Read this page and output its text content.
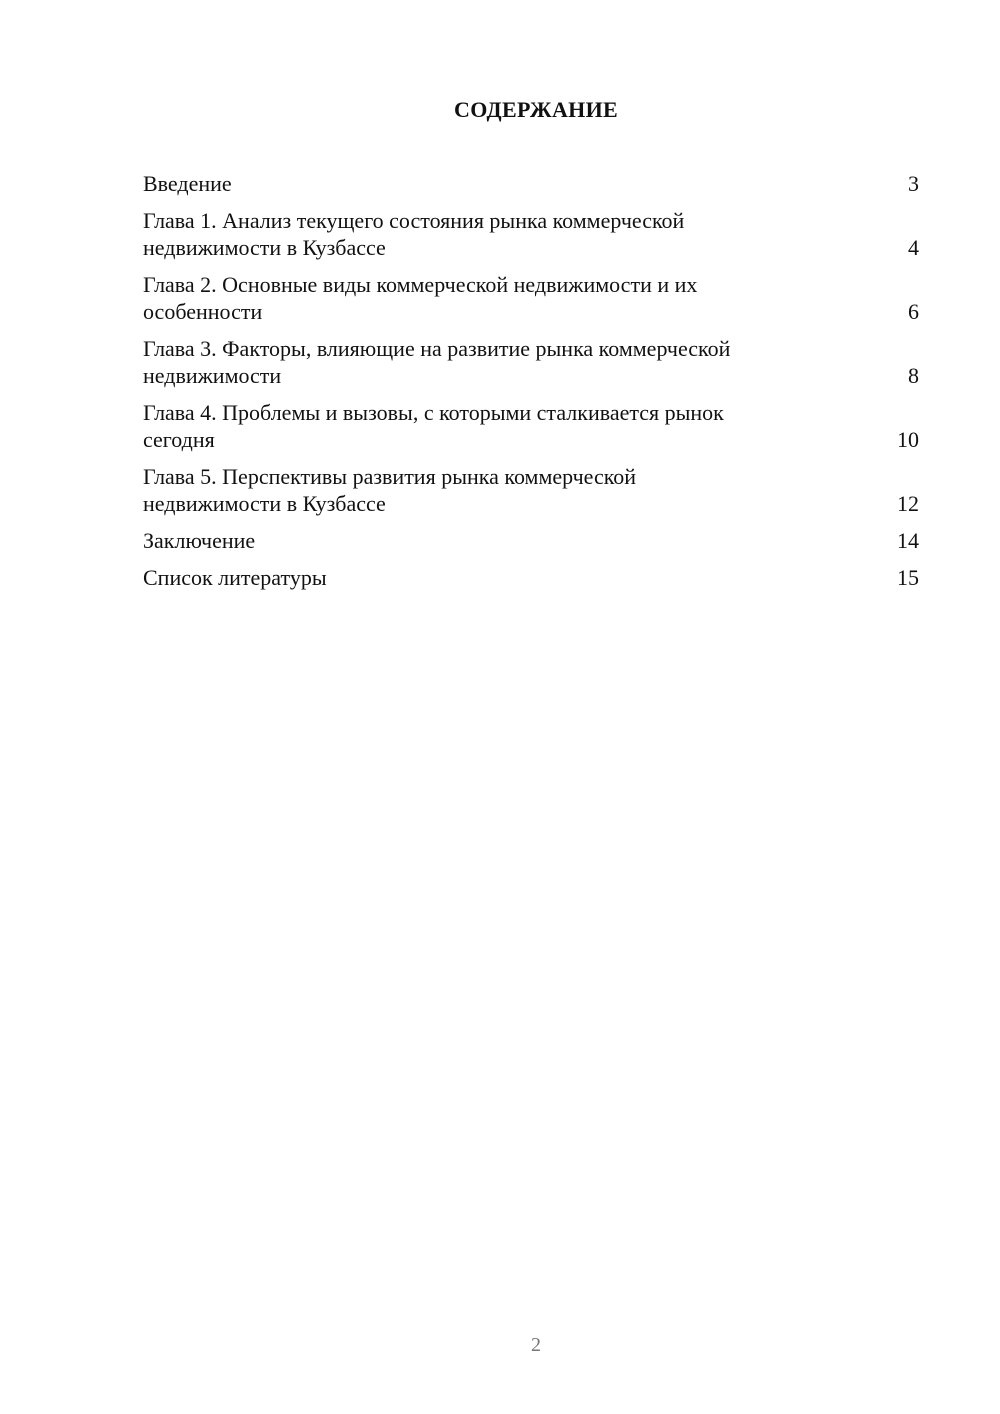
СОДЕРЖАНИЕ
Введение	3
Глава 1. Анализ текущего состояния рынка коммерческой
недвижимости в Кузбассе	4
Глава 2. Основные виды коммерческой недвижимости и их
особенности	6
Глава 3. Факторы, влияющие на развитие рынка коммерческой
недвижимости	8
Глава 4. Проблемы и вызовы, с которыми сталкивается рынок
сегодня	10
Глава 5. Перспективы развития рынка коммерческой
недвижимости в Кузбассе	12
Заключение	14
Список литературы	15
2
